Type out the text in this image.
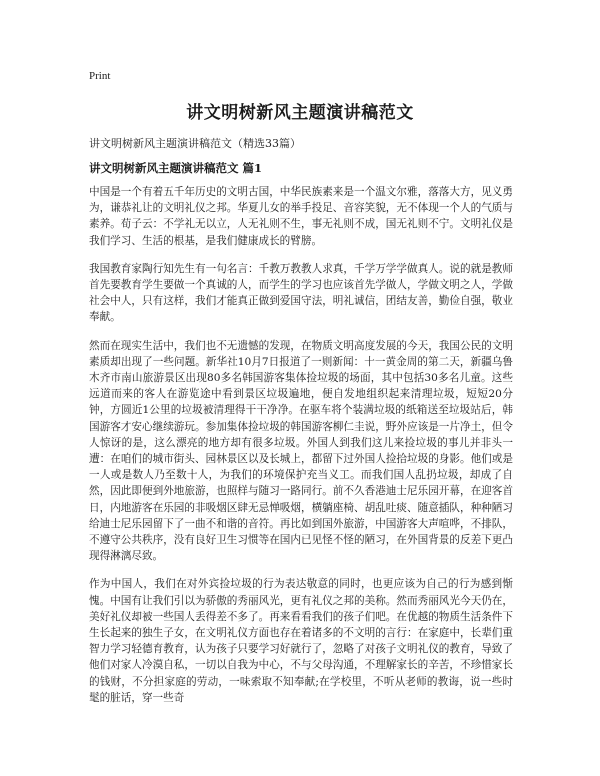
Print
讲文明树新风主题演讲稿范文
讲文明树新风主题演讲稿范文（精选33篇）
讲文明树新风主题演讲稿范文 篇1

中国是一个有着五千年历史的文明古国，中华民族素来是一个温文尔雅，落落大方，见义勇为，谦恭礼让的文明礼仪之邦。华夏儿女的举手投足、音容笑貌，无不体现一个人的气质与素养。荀子云：不学礼无以立，人无礼则不生，事无礼则不成，国无礼则不宁。文明礼仪是我们学习、生活的根基，是我们健康成长的臂膀。

我国教育家陶行知先生有一句名言：千教万教教人求真，千学万学学做真人。说的就是教师首先要教育学生要做一个真诚的人，而学生的学习也应该首先学做人，学做文明之人，学做社会中人，只有这样，我们才能真正做到爱国守法，明礼诚信，团结友善，勤俭自强，敬业奉献。

然而在现实生活中，我们也不无遗憾的发现，在物质文明高度发展的今天，我国公民的文明素质却出现了一些问题。新华社10月7日报道了一则新闻：十一黄金周的第二天，新疆乌鲁木齐市南山旅游景区出现80多名韩国游客集体捡垃圾的场面，其中包括30多名儿童。这些远道而来的客人在游览途中看到景区垃圾遍地，便自发地组织起来清理垃圾，短短20分钟，方圆近1公里的垃圾被清理得干干净净。在驱车将个装满垃圾的纸箱送至垃圾站后，韩国游客才安心继续游玩。参加集体捡垃圾的韩国游客柳仁圭说，野外应该是一片净土，但令人惊讶的是，这么漂亮的地方却有很多垃圾。外国人到我们这儿来捡垃圾的事儿并非头一遭：在咱们的城市街头、园林景区以及长城上，都留下过外国人捡拾垃圾的身影。他们或是一人或是数人乃至数十人，为我们的环境保护充当义工。而我们国人乱扔垃圾，却成了自然，因此即便到外地旅游，也照样与随习一路同行。前不久香港迪士尼乐园开幕，在迎客首日，内地游客在乐园的非吸烟区肆无忌惮吸烟，横躺座椅、胡乱吐痰、随意插队，种种陋习给迪士尼乐园留下了一曲不和谐的音符。再比如到国外旅游，中国游客大声喧哗，不排队，不遵守公共秩序，没有良好卫生习惯等在国内已见怪不怪的陋习，在外国背景的反差下更凸现得淋漓尽致。

作为中国人，我们在对外宾捡垃圾的行为表达敬意的同时，也更应该为自己的行为感到惭愧。中国有让我们引以为骄傲的秀丽风光，更有礼仪之邦的美称。然而秀丽风光今天仍在，美好礼仪却被一些国人丢得差不多了。再来看看我们的孩子们吧。在优越的物质生活条件下生长起来的独生子女，在文明礼仪方面也存在着诸多的不文明的言行：在家庭中，长辈们重智力学习轻德育教育，认为孩子只要学习好就行了，忽略了对孩子文明礼仪的教育，导致了他们对家人冷漠自私，一切以自我为中心，不与父母沟通，不理解家长的辛苦，不珍惜家长的钱财，不分担家庭的劳动，一味索取不知奉献;在学校里，不听从老师的教诲，说一些时髦的脏话，穿一些奇
